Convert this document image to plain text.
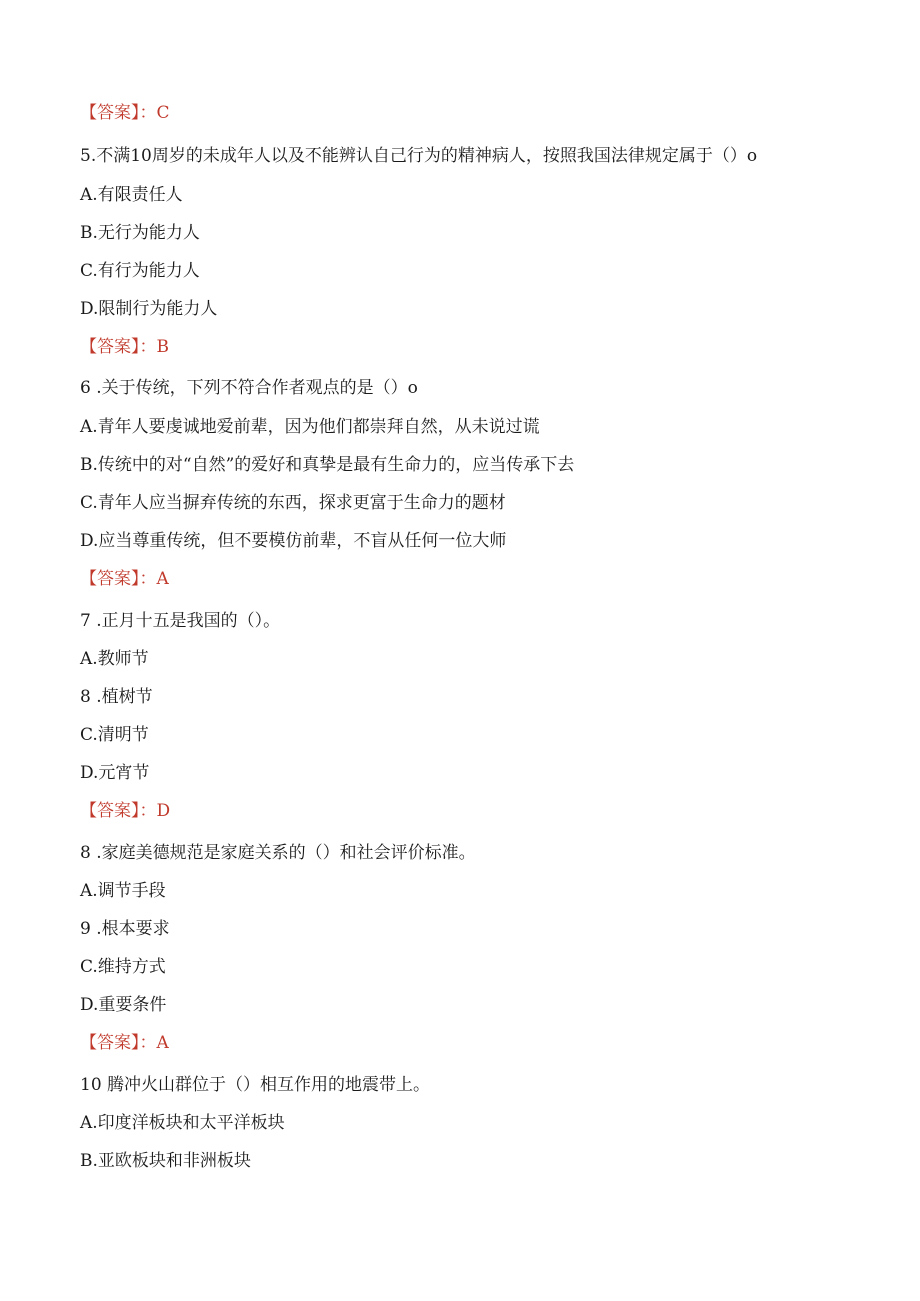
【答案】：C
5.不满10周岁的未成年人以及不能辨认自己行为的精神病人，按照我国法律规定属于（）o
A.有限责任人
B.无行为能力人
C.有行为能力人
D.限制行为能力人
【答案】：B
6 .关于传统，下列不符合作者观点的是（）o
A.青年人要虔诚地爱前辈，因为他们都崇拜自然，从未说过谎
B.传统中的对“自然”的爱好和真挚是最有生命力的，应当传承下去
C.青年人应当摒弃传统的东西，探求更富于生命力的题材
D.应当尊重传统，但不要模仿前辈，不盲从任何一位大师
【答案】：A
7 .正月十五是我国的（）。
A.教师节
8 .植树节
C.清明节
D.元宵节
【答案】：D
8 .家庭美德规范是家庭关系的（）和社会评价标准。
A.调节手段
9 .根本要求
C.维持方式
D.重要条件
【答案】：A
10 腾冲火山群位于（）相互作用的地震带上。
A.印度洋板块和太平洋板块
B.亚欧板块和非洲板块
